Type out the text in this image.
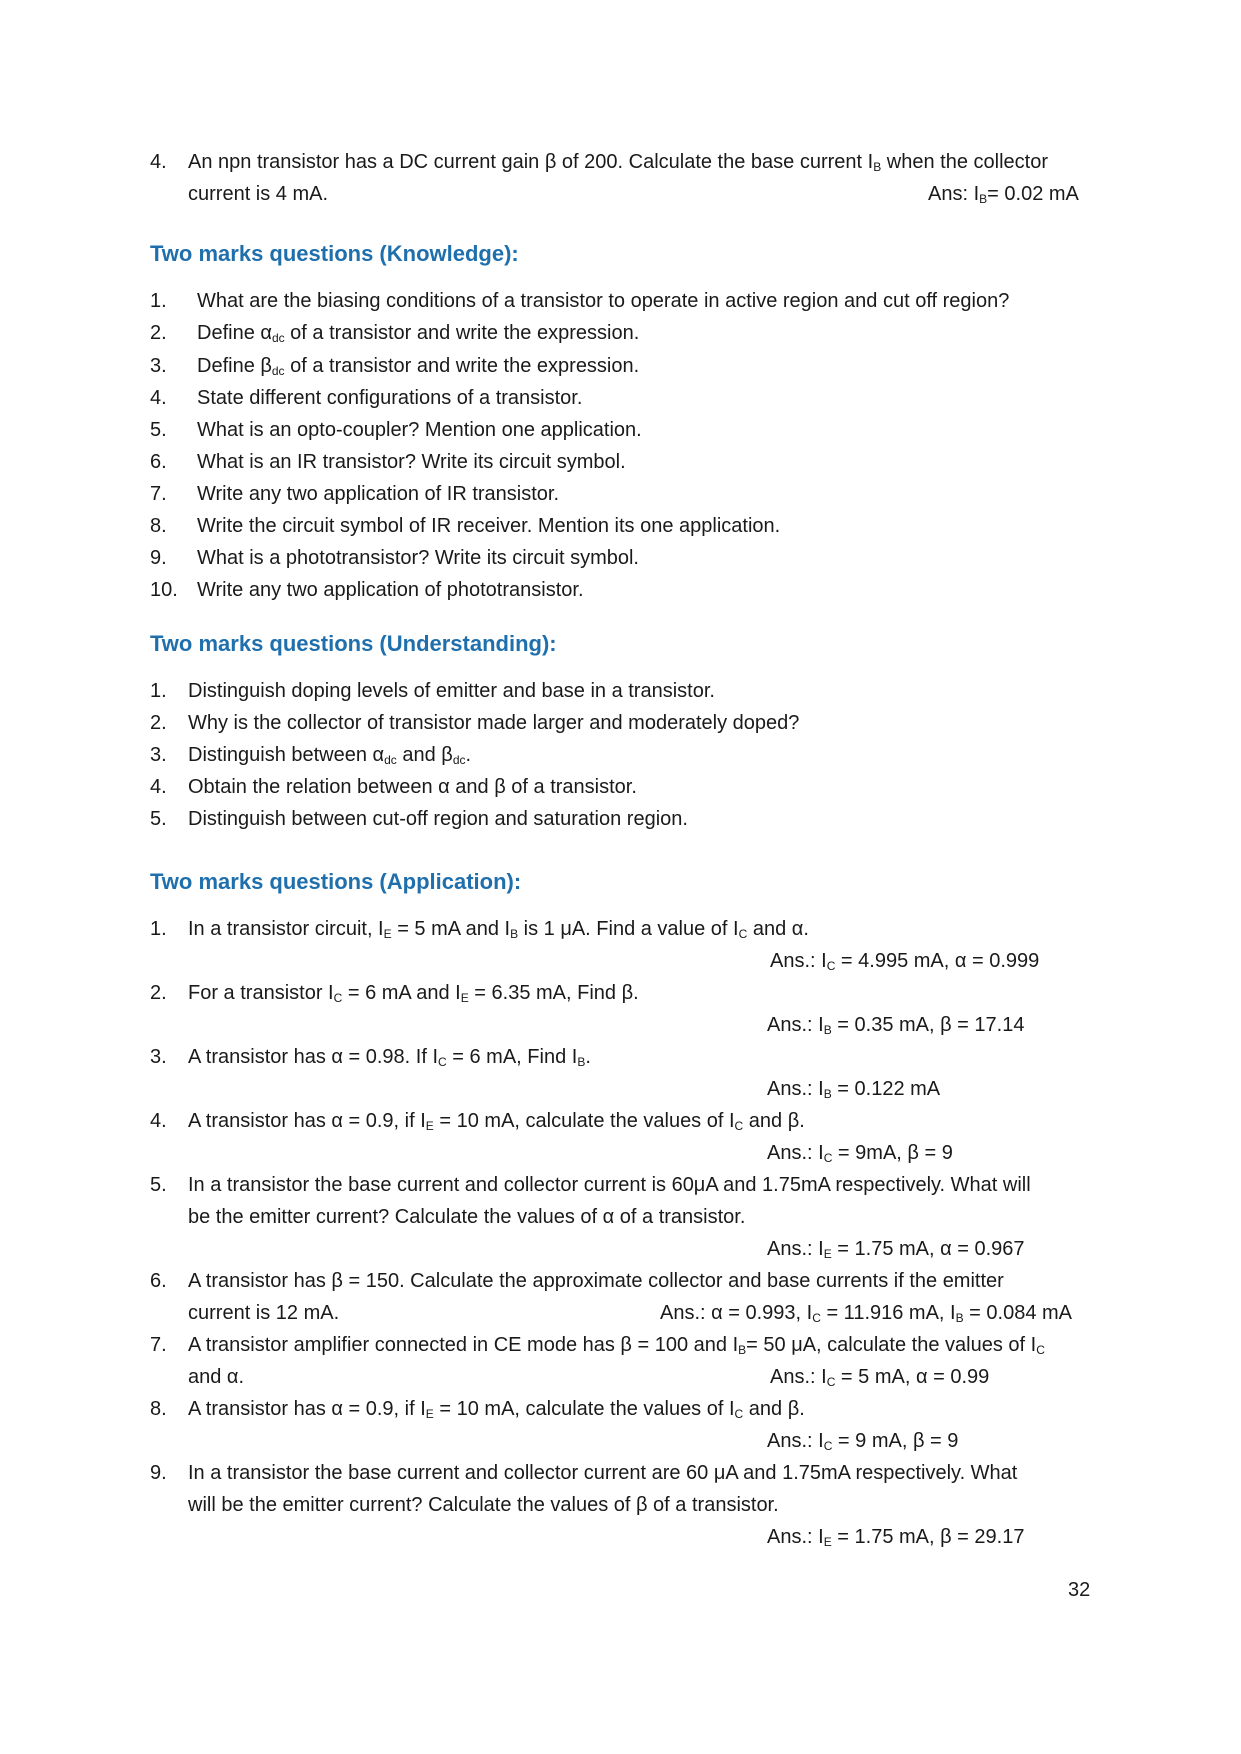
4. An npn transistor has a DC current gain β of 200. Calculate the base current $I_B$ when the collector
current is 4 mA.	Ans: $I_B= 0.02$ mA
Two marks questions (Knowledge):
1. What are the biasing conditions of a transistor to operate in active region and cut off region?
2. Define $\alpha_{dc}$ of a transistor and write the expression.
3. Define $\beta_{dc}$ of a transistor and write the expression.
4. State different configurations of a transistor.
5. What is an opto-coupler? Mention one application.
6. What is an IR transistor? Write its circuit symbol.
7. Write any two application of IR transistor.
8. Write the circuit symbol of IR receiver. Mention its one application.
9. What is a phototransistor? Write its circuit symbol.
10. Write any two application of phototransistor.
Two marks questions (Understanding):
1. Distinguish doping levels of emitter and base in a transistor.
2. Why is the collector of transistor made larger and moderately doped?
3. Distinguish between $\alpha_{dc}$ and $\beta_{dc}$.
4. Obtain the relation between α and β of a transistor.
5. Distinguish between cut-off region and saturation region.
Two marks questions (Application):
1. In a transistor circuit, $I_E = 5$ mA and $I_B$ is 1 μA. Find a value of $I_C$ and α.
Ans.: $I_C = 4.995$ mA, α = 0.999
2. For a transistor $I_C = 6$ mA and $I_E = 6.35$ mA, Find β.
Ans.: $I_B = 0.35$ mA, β = 17.14
3. A transistor has α = 0.98. If $I_C = 6$ mA, Find $I_B$.
Ans.: $I_B = 0.122$ mA
4. A transistor has α = 0.9, if $I_E = 10$ mA, calculate the values of $I_C$ and β.
Ans.: $I_C = 9mA$, β = 9
5. In a transistor the base current and collector current is 60μA and 1.75mA respectively. What will
be the emitter current? Calculate the values of α of a transistor.
Ans.: $I_E = 1.75$ mA, α = 0.967
6. A transistor has β = 150. Calculate the approximate collector and base currents if the emitter
current is 12 mA.	Ans.: α = 0.993, $I_C = 11.916$ mA, $I_B = 0.084$ mA
7. A transistor amplifier connected in CE mode has β = 100 and $I_B= 50$ μA, calculate the values of $I_C$
and α.	Ans.: $I_C = 5$ mA, α = 0.99
8. A transistor has α = 0.9, if $I_E = 10$ mA, calculate the values of $I_C$ and β.
Ans.: $I_C = 9$ mA, β = 9
9. In a transistor the base current and collector current are 60 μA and 1.75mA respectively. What
will be the emitter current? Calculate the values of β of a transistor.
Ans.: $I_E = 1.75$ mA, β = 29.17
32
